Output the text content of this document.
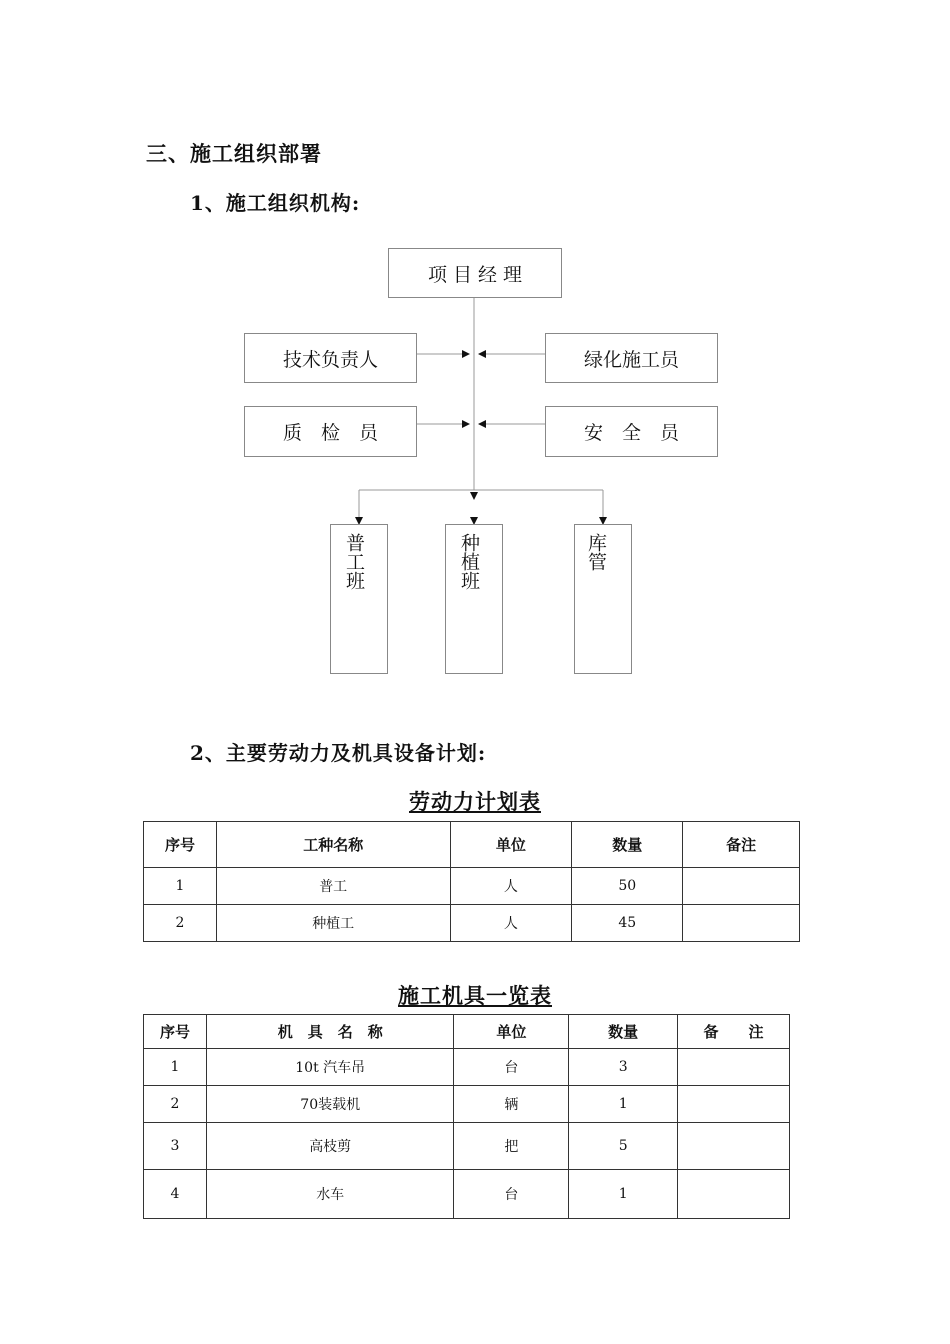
三、施工组织部署
1、施工组织机构:
项 目 经 理
技术负责人	绿化施工员
质　检　员	安　全　员
普工班	种植班	库管
2、主要劳动力及机具设备计划:
劳动力计划表
序号	工种名称	单位	数量	备注
1	普工	人	50	
2	种植工	人	45	
施工机具一览表
序号	机　具　名　称	单位	数量	备　　注
1	10t 汽车吊	台	3	
2	70装载机	辆	1	
3	高枝剪	把	5	
4	水车	台	1	
